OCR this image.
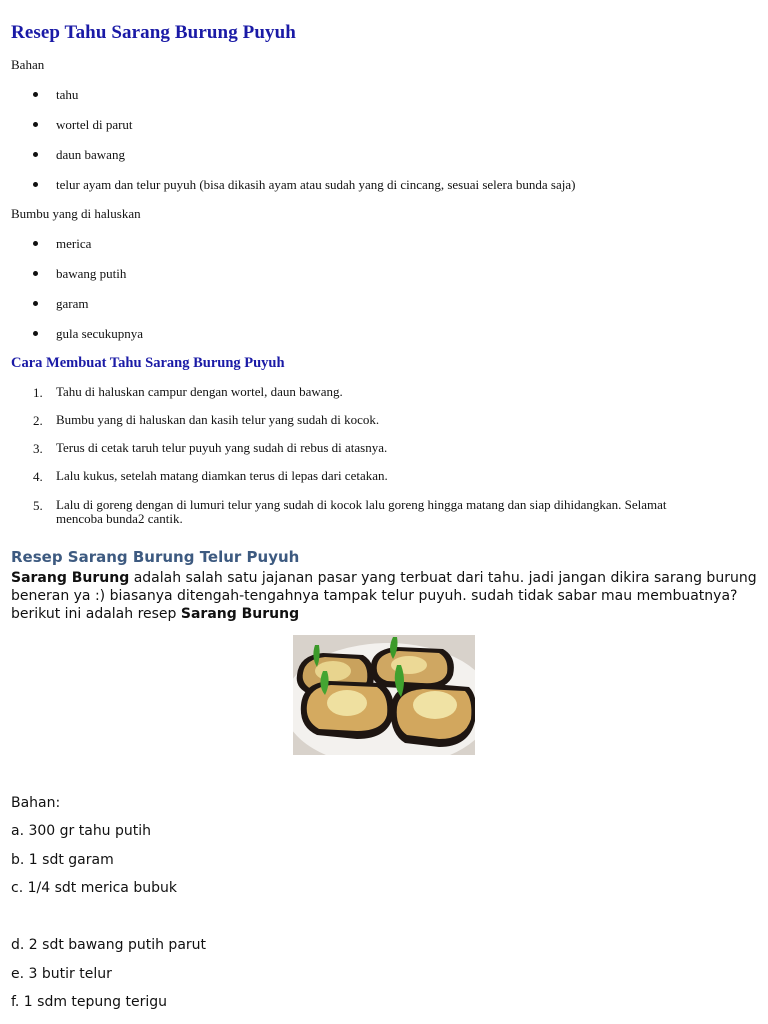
Resep Tahu Sarang Burung Puyuh
Bahan
tahu
wortel di parut
daun bawang
telur ayam dan telur puyuh (bisa dikasih ayam atau sudah yang di cincang, sesuai selera bunda saja)
Bumbu yang di haluskan
merica
bawang putih
garam
gula secukupnya
Cara Membuat Tahu Sarang Burung Puyuh
1. Tahu di haluskan campur dengan wortel, daun bawang.
2. Bumbu yang di haluskan dan kasih telur yang sudah di kocok.
3. Terus di cetak taruh telur puyuh yang sudah di rebus di atasnya.
4. Lalu kukus, setelah matang diamkan terus di lepas dari cetakan.
5. Lalu di goreng dengan di lumuri telur yang sudah di kocok lalu goreng hingga matang dan siap dihidangkan. Selamat mencoba bunda2 cantik.
Resep Sarang Burung Telur Puyuh

Sarang Burung adalah salah satu jajanan pasar yang terbuat dari tahu. jadi jangan dikira sarang burung beneran ya :) biasanya ditengah-tengahnya tampak telur puyuh. sudah tidak sabar mau membuatnya? berikut ini adalah resep Sarang Burung

Bahan:
a. 300 gr tahu putih
b. 1 sdt garam
c. 1/4 sdt merica bubuk
d. 2 sdt bawang putih parut
e. 3 butir telur
f. 1 sdm tepung terigu
